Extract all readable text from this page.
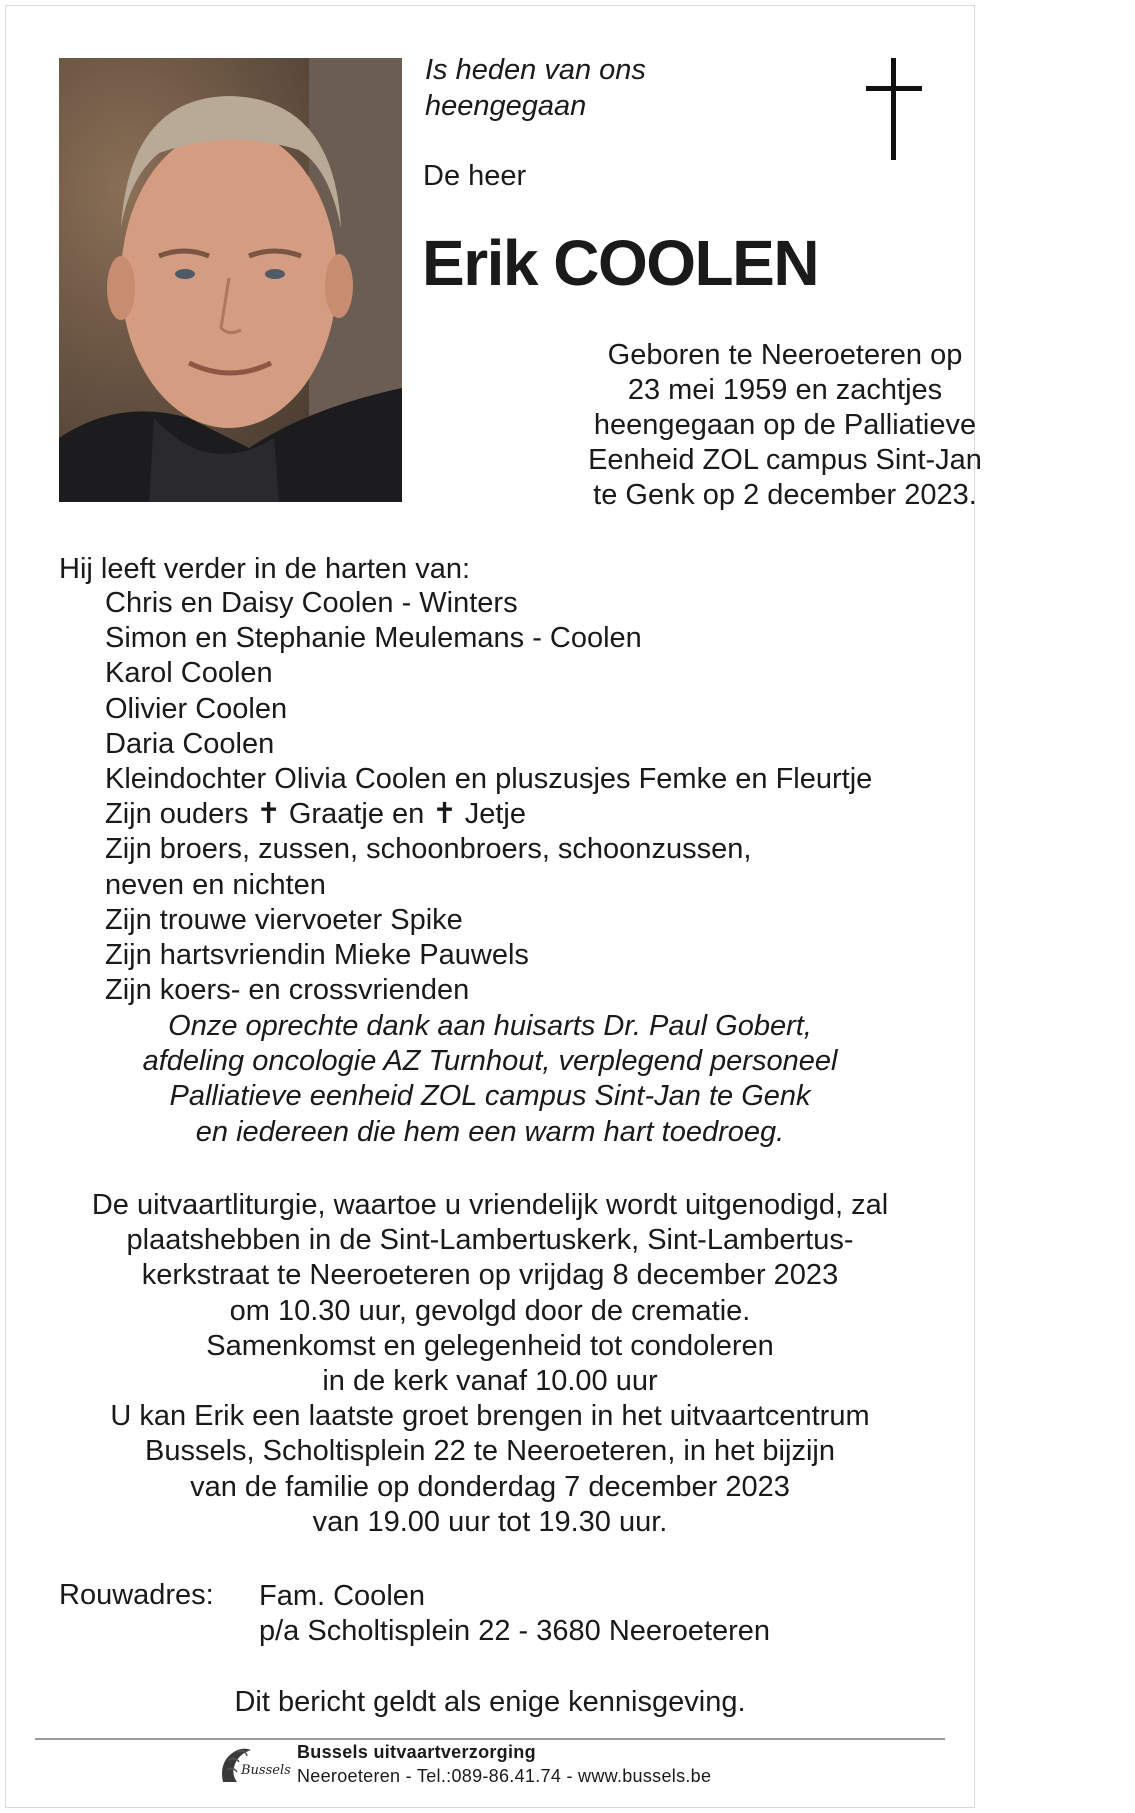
Is heden van ons
heengegaan
De heer
Erik COOLEN
Geboren te Neeroeteren op
23 mei 1959 en zachtjes
heengegaan op de Palliatieve
Eenheid ZOL campus Sint-Jan
te Genk op 2 december 2023.
Hij leeft verder in de harten van:
Chris en Daisy Coolen - Winters
Simon en Stephanie Meulemans - Coolen
Karol Coolen
Olivier Coolen
Daria Coolen
Kleindochter Olivia Coolen en pluszusjes Femke en Fleurtje
Zijn ouders ✝ Graatje en ✝ Jetje
Zijn broers, zussen, schoonbroers, schoonzussen,
neven en nichten
Zijn trouwe viervoeter Spike
Zijn hartsvriendin Mieke Pauwels
Zijn koers- en crossvrienden
Onze oprechte dank aan huisarts Dr. Paul Gobert,
afdeling oncologie AZ Turnhout, verplegend personeel
Palliatieve eenheid ZOL campus Sint-Jan te Genk
en iedereen die hem een warm hart toedroeg.
De uitvaartliturgie, waartoe u vriendelijk wordt uitgenodigd, zal
plaatshebben in de Sint-Lambertuskerk, Sint-Lambertus-
kerkstraat te Neeroeteren op vrijdag 8 december 2023
om 10.30 uur, gevolgd door de crematie.
Samenkomst en gelegenheid tot condoleren
in de kerk vanaf 10.00 uur
U kan Erik een laatste groet brengen in het uitvaartcentrum
Bussels, Scholtisplein 22 te Neeroeteren, in het bijzijn
van de familie op donderdag 7 december 2023
van 19.00 uur tot 19.30 uur.
Rouwadres: Fam. Coolen
p/a Scholtisplein 22 - 3680 Neeroeteren
Dit bericht geldt als enige kennisgeving.
Bussels
Bussels uitvaartverzorging
Neeroeteren - Tel.:089-86.41.74 - www.bussels.be
